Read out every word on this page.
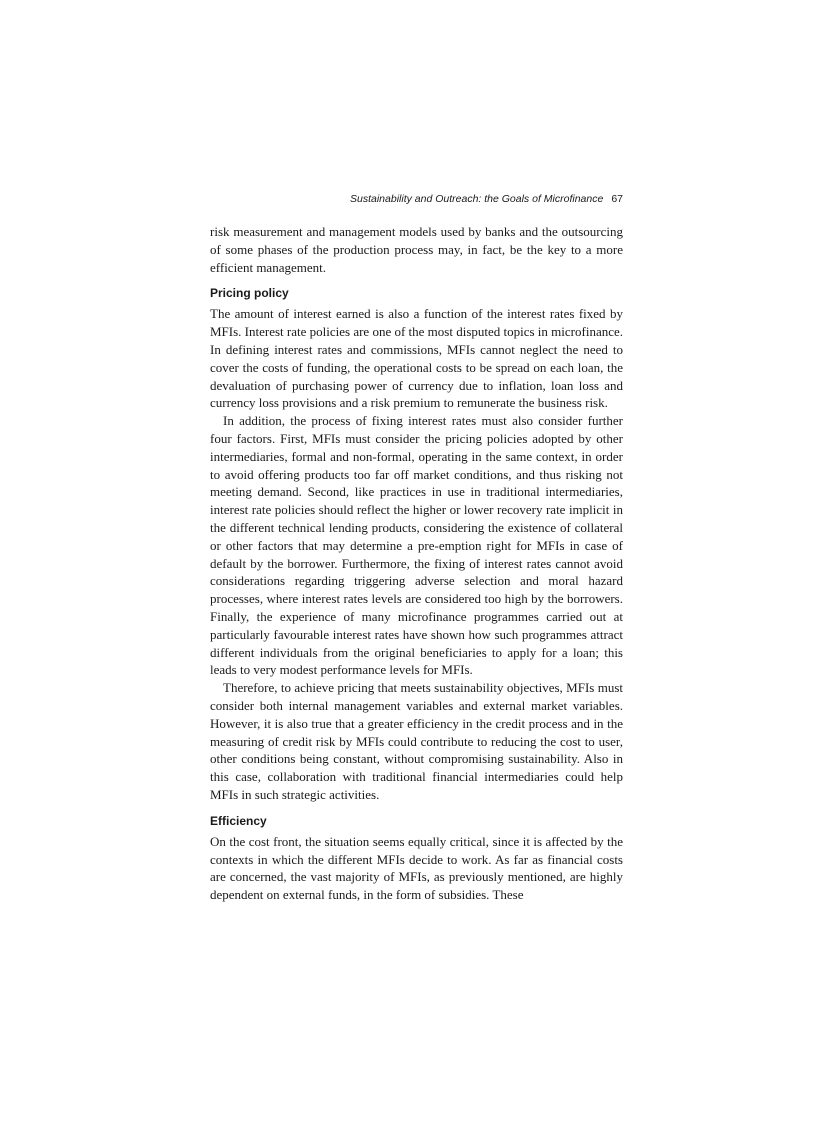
Sustainability and Outreach: the Goals of Microfinance 67

risk measurement and management models used by banks and the outsourcing of some phases of the production process may, in fact, be the key to a more efficient management.

Pricing policy

The amount of interest earned is also a function of the interest rates fixed by MFIs. Interest rate policies are one of the most disputed topics in microfinance. In defining interest rates and commissions, MFIs cannot neglect the need to cover the costs of funding, the operational costs to be spread on each loan, the devaluation of purchasing power of currency due to inflation, loan loss and currency loss provisions and a risk premium to remunerate the business risk.

In addition, the process of fixing interest rates must also consider further four factors. First, MFIs must consider the pricing policies adopted by other intermediaries, formal and non-formal, operating in the same context, in order to avoid offering products too far off market conditions, and thus risking not meeting demand. Second, like practices in use in traditional intermediaries, interest rate policies should reflect the higher or lower recovery rate implicit in the different technical lending products, considering the existence of collateral or other factors that may determine a pre-emption right for MFIs in case of default by the borrower. Furthermore, the fixing of interest rates cannot avoid considerations regarding triggering adverse selection and moral hazard processes, where interest rates levels are considered too high by the borrowers. Finally, the experience of many microfinance programmes carried out at particularly favourable interest rates have shown how such programmes attract different individuals from the original beneficiaries to apply for a loan; this leads to very modest performance levels for MFIs.

Therefore, to achieve pricing that meets sustainability objectives, MFIs must consider both internal management variables and external market variables. However, it is also true that a greater efficiency in the credit process and in the measuring of credit risk by MFIs could contribute to reducing the cost to user, other conditions being constant, without compromising sustainability. Also in this case, collaboration with traditional financial intermediaries could help MFIs in such strategic activities.

Efficiency

On the cost front, the situation seems equally critical, since it is affected by the contexts in which the different MFIs decide to work. As far as financial costs are concerned, the vast majority of MFIs, as previously mentioned, are highly dependent on external funds, in the form of subsidies. These
